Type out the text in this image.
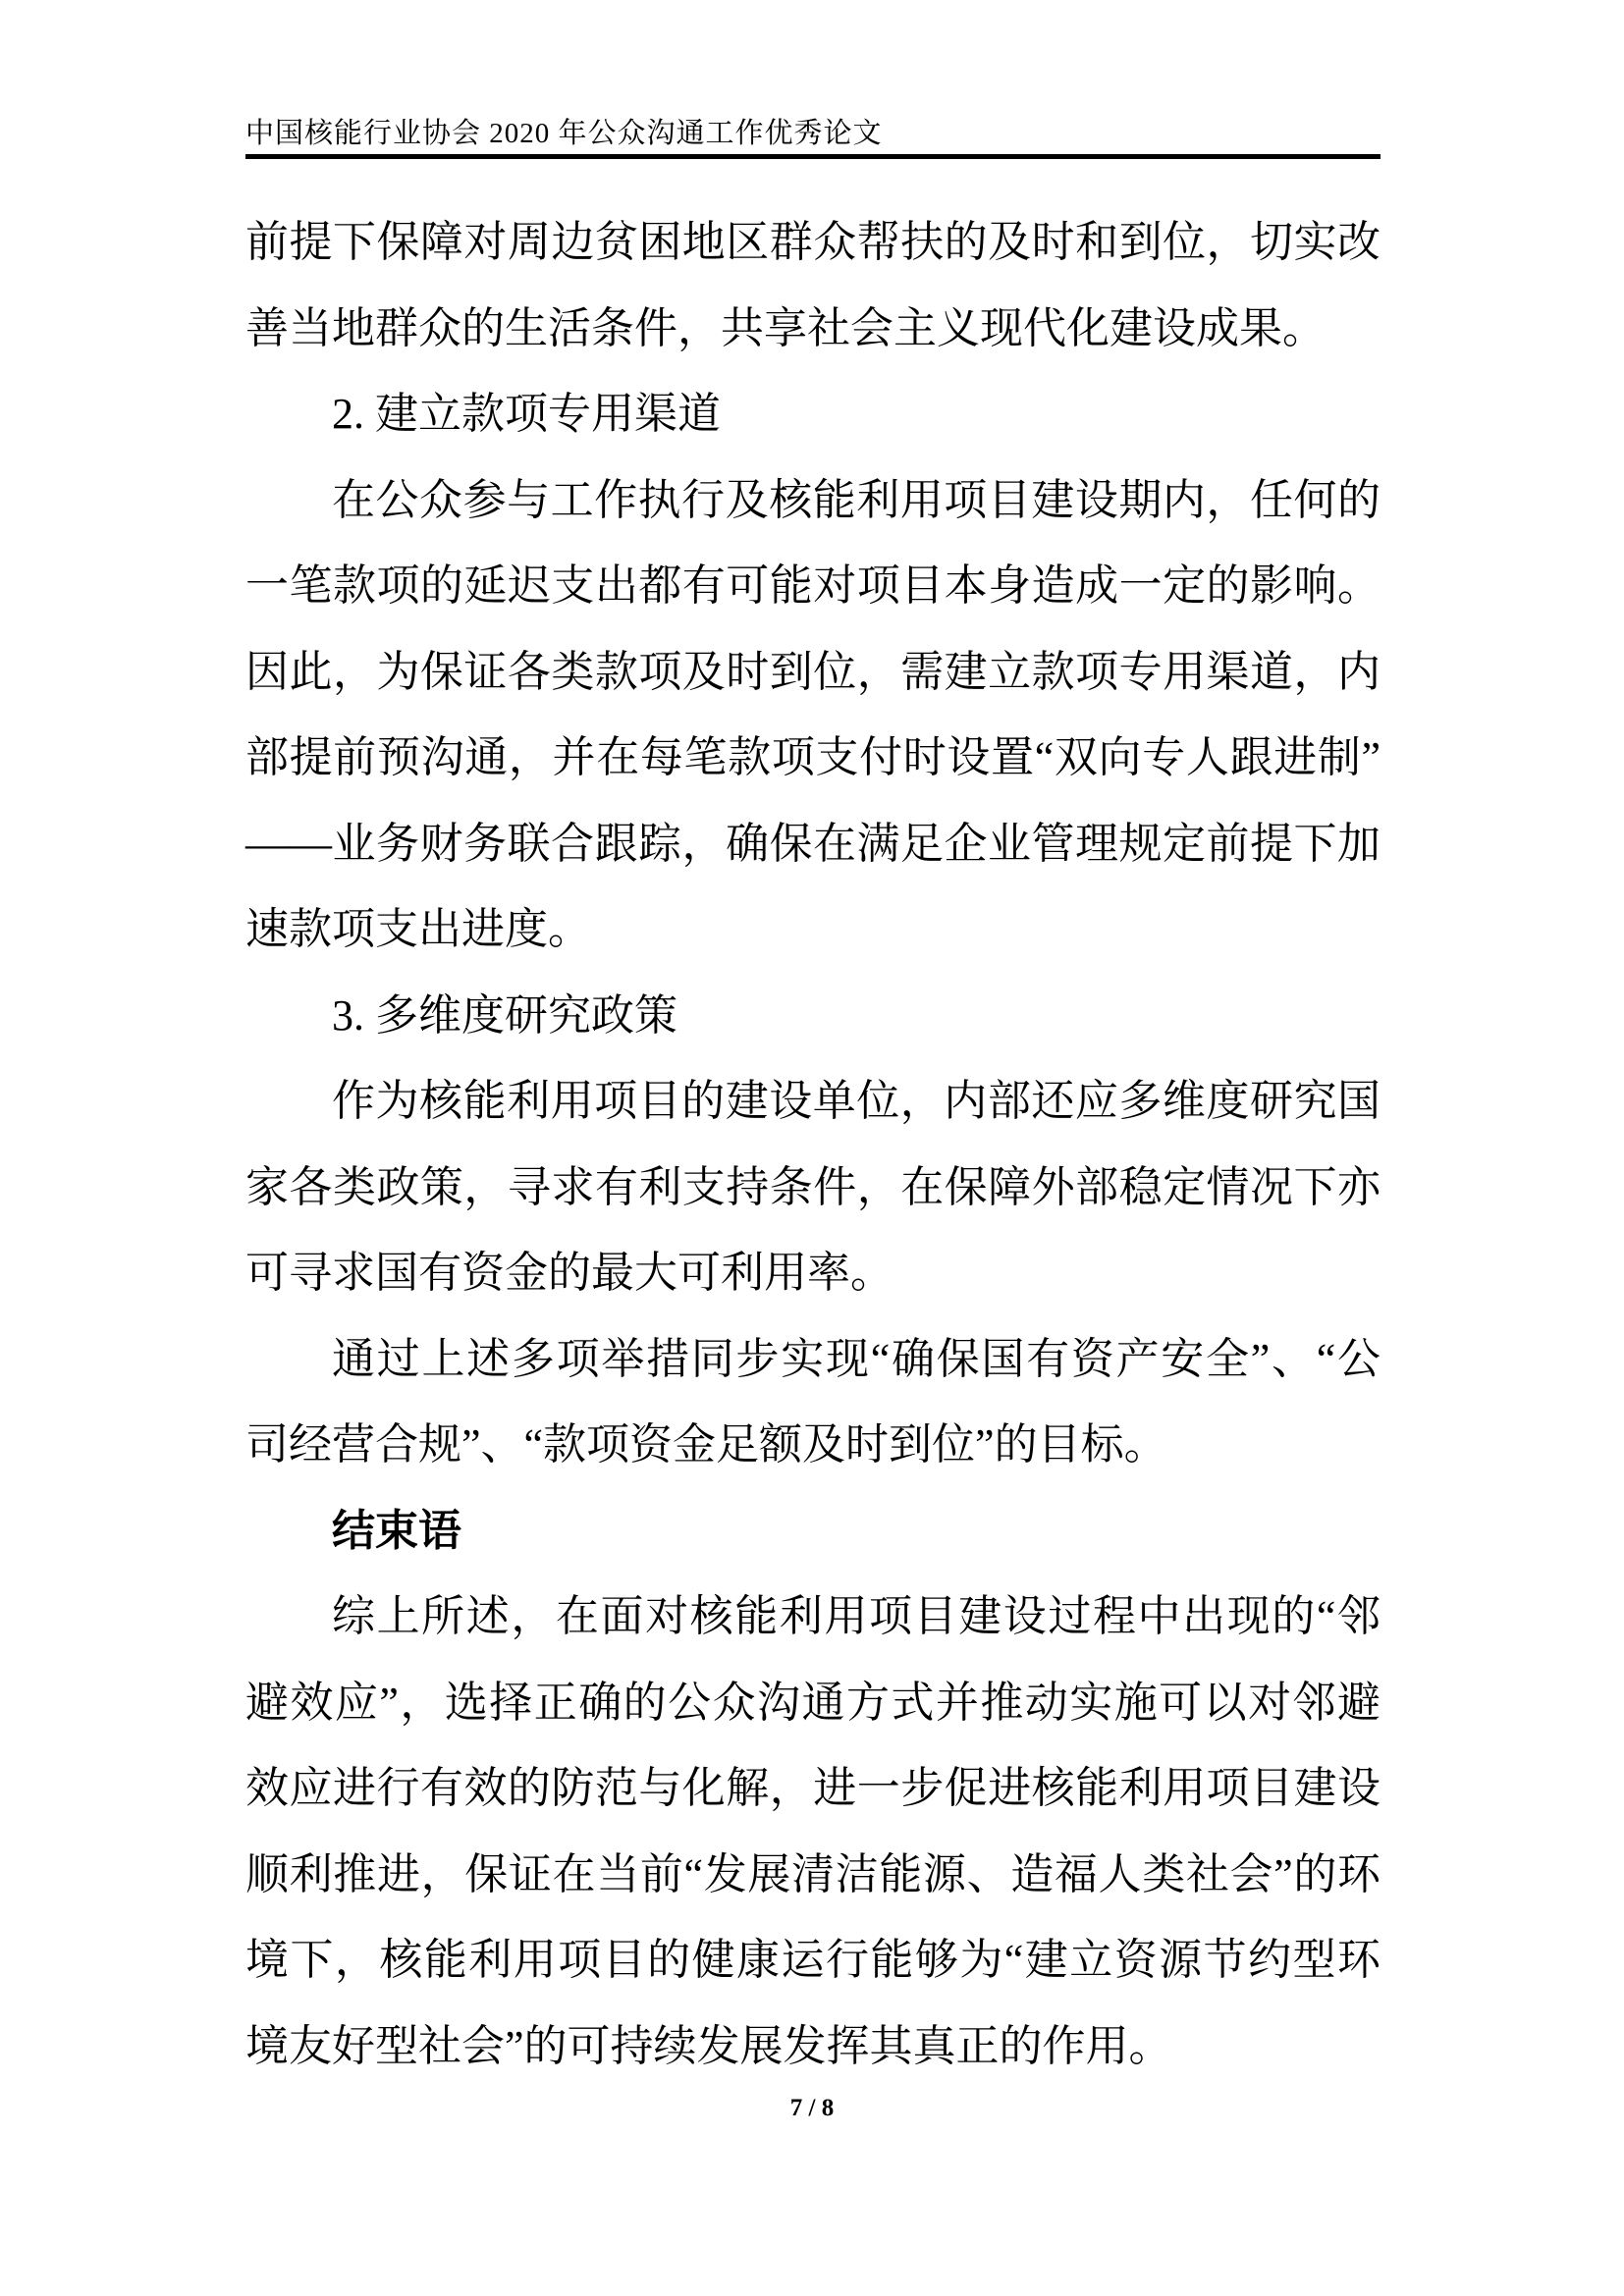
中国核能行业协会 2020 年公众沟通工作优秀论文

前提下保障对周边贫困地区群众帮扶的及时和到位，切实改善当地群众的生活条件，共享社会主义现代化建设成果。

2. 建立款项专用渠道

在公众参与工作执行及核能利用项目建设期内，任何的一笔款项的延迟支出都有可能对项目本身造成一定的影响。因此，为保证各类款项及时到位，需建立款项专用渠道，内部提前预沟通，并在每笔款项支付时设置“双向专人跟进制”——业务财务联合跟踪，确保在满足企业管理规定前提下加速款项支出进度。

3. 多维度研究政策

作为核能利用项目的建设单位，内部还应多维度研究国家各类政策，寻求有利支持条件，在保障外部稳定情况下亦可寻求国有资金的最大可利用率。

通过上述多项举措同步实现“确保国有资产安全”、“公司经营合规”、“款项资金足额及时到位”的目标。

结束语

综上所述，在面对核能利用项目建设过程中出现的“邻避效应”，选择正确的公众沟通方式并推动实施可以对邻避效应进行有效的防范与化解，进一步促进核能利用项目建设顺利推进，保证在当前“发展清洁能源、造福人类社会”的环境下，核能利用项目的健康运行能够为“建立资源节约型环境友好型社会”的可持续发展发挥其真正的作用。

7 / 8
